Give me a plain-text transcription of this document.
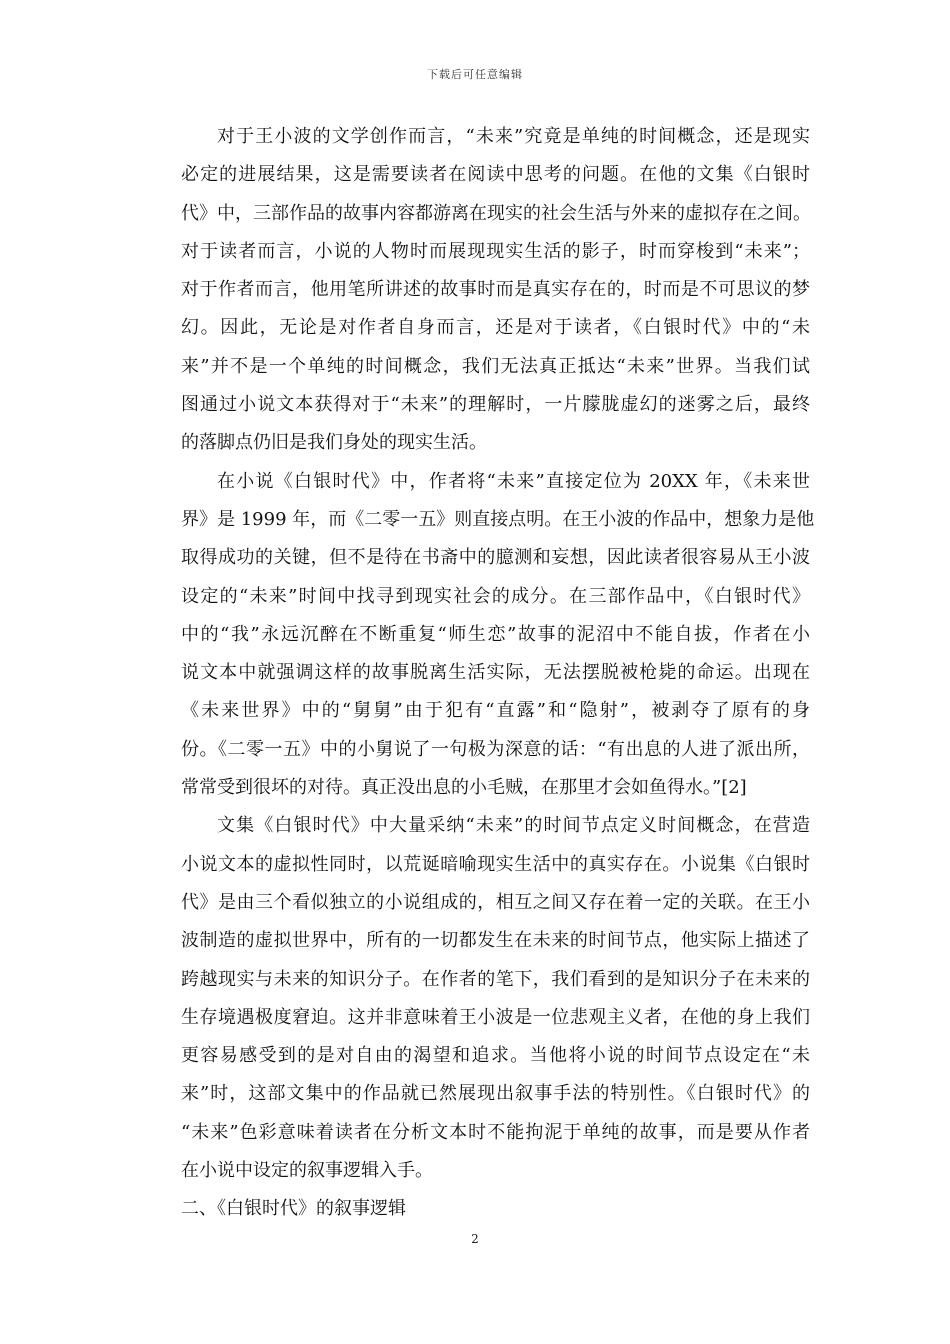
下载后可任意编辑
对于王小波的文学创作而言，“未来”究竟是单纯的时间概念，还是现实
必定的进展结果，这是需要读者在阅读中思考的问题。在他的文集《白银时
代》中，三部作品的故事内容都游离在现实的社会生活与外来的虚拟存在之间。
对于读者而言，小说的人物时而展现现实生活的影子，时而穿梭到“未来”；
对于作者而言，他用笔所讲述的故事时而是真实存在的，时而是不可思议的梦
幻。因此，无论是对作者自身而言，还是对于读者，《白银时代》中的“未
来”并不是一个单纯的时间概念，我们无法真正抵达“未来”世界。当我们试
图通过小说文本获得对于“未来”的理解时，一片朦胧虚幻的迷雾之后，最终
的落脚点仍旧是我们身处的现实生活。
在小说《白银时代》中，作者将“未来”直接定位为 20XX 年，《未来世
界》是 1999 年，而《二零一五》则直接点明。在王小波的作品中，想象力是他
取得成功的关键，但不是待在书斋中的臆测和妄想，因此读者很容易从王小波
设定的“未来”时间中找寻到现实社会的成分。在三部作品中，《白银时代》
中的“我”永远沉醉在不断重复“师生恋”故事的泥沼中不能自拔，作者在小
说文本中就强调这样的故事脱离生活实际，无法摆脱被枪毙的命运。出现在
《未来世界》中的“舅舅”由于犯有“直露”和“隐射”，被剥夺了原有的身
份。《二零一五》中的小舅说了一句极为深意的话：“有出息的人进了派出所，
常常受到很坏的对待。真正没出息的小毛贼，在那里才会如鱼得水。”[2]
文集《白银时代》中大量采纳“未来”的时间节点定义时间概念，在营造
小说文本的虚拟性同时，以荒诞暗喻现实生活中的真实存在。小说集《白银时
代》是由三个看似独立的小说组成的，相互之间又存在着一定的关联。在王小
波制造的虚拟世界中，所有的一切都发生在未来的时间节点，他实际上描述了
跨越现实与未来的知识分子。在作者的笔下，我们看到的是知识分子在未来的
生存境遇极度窘迫。这并非意味着王小波是一位悲观主义者，在他的身上我们
更容易感受到的是对自由的渴望和追求。当他将小说的时间节点设定在“未
来”时，这部文集中的作品就已然展现出叙事手法的特别性。《白银时代》的
“未来”色彩意味着读者在分析文本时不能拘泥于单纯的故事，而是要从作者
在小说中设定的叙事逻辑入手。
二、《白银时代》的叙事逻辑
2
